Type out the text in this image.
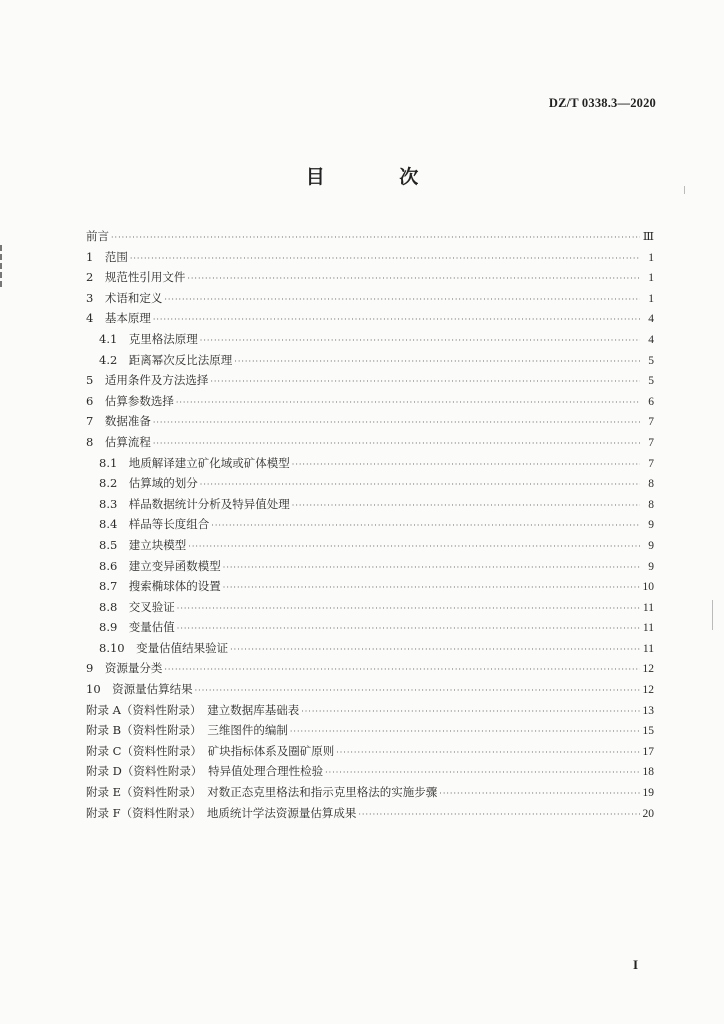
DZ/T 0338.3—2020
目 次
前言 ·····	Ⅲ
1　范围 ·····	1
2　规范性引用文件 ·····	1
3　术语和定义 ·····	1
4　基本原理 ·····	4
4.1　克里格法原理 ·····	4
4.2　距离幂次反比法原理 ·····	5
5　适用条件及方法选择 ·····	5
6　估算参数选择 ·····	6
7　数据准备 ·····	7
8　估算流程 ·····	7
8.1　地质解译建立矿化域或矿体模型 ·····	7
8.2　估算域的划分 ·····	8
8.3　样品数据统计分析及特异值处理 ·····	8
8.4　样品等长度组合 ·····	9
8.5　建立块模型 ·····	9
8.6　建立变异函数模型 ·····	9
8.7　搜索椭球体的设置 ·····	10
8.8　交叉验证 ·····	11
8.9　变量估值 ·····	11
8.10　变量估值结果验证 ·····	11
9　资源量分类 ·····	12
10　资源量估算结果 ·····	12
附录 A（资料性附录）　建立数据库基础表 ·····	13
附录 B（资料性附录）　三维图件的编制 ·····	15
附录 C（资料性附录）　矿块指标体系及圈矿原则 ·····	17
附录 D（资料性附录）　特异值处理合理性检验 ·····	18
附录 E（资料性附录）　对数正态克里格法和指示克里格法的实施步骤 ·····	19
附录 F（资料性附录）　地质统计学法资源量估算成果 ·····	20
I
